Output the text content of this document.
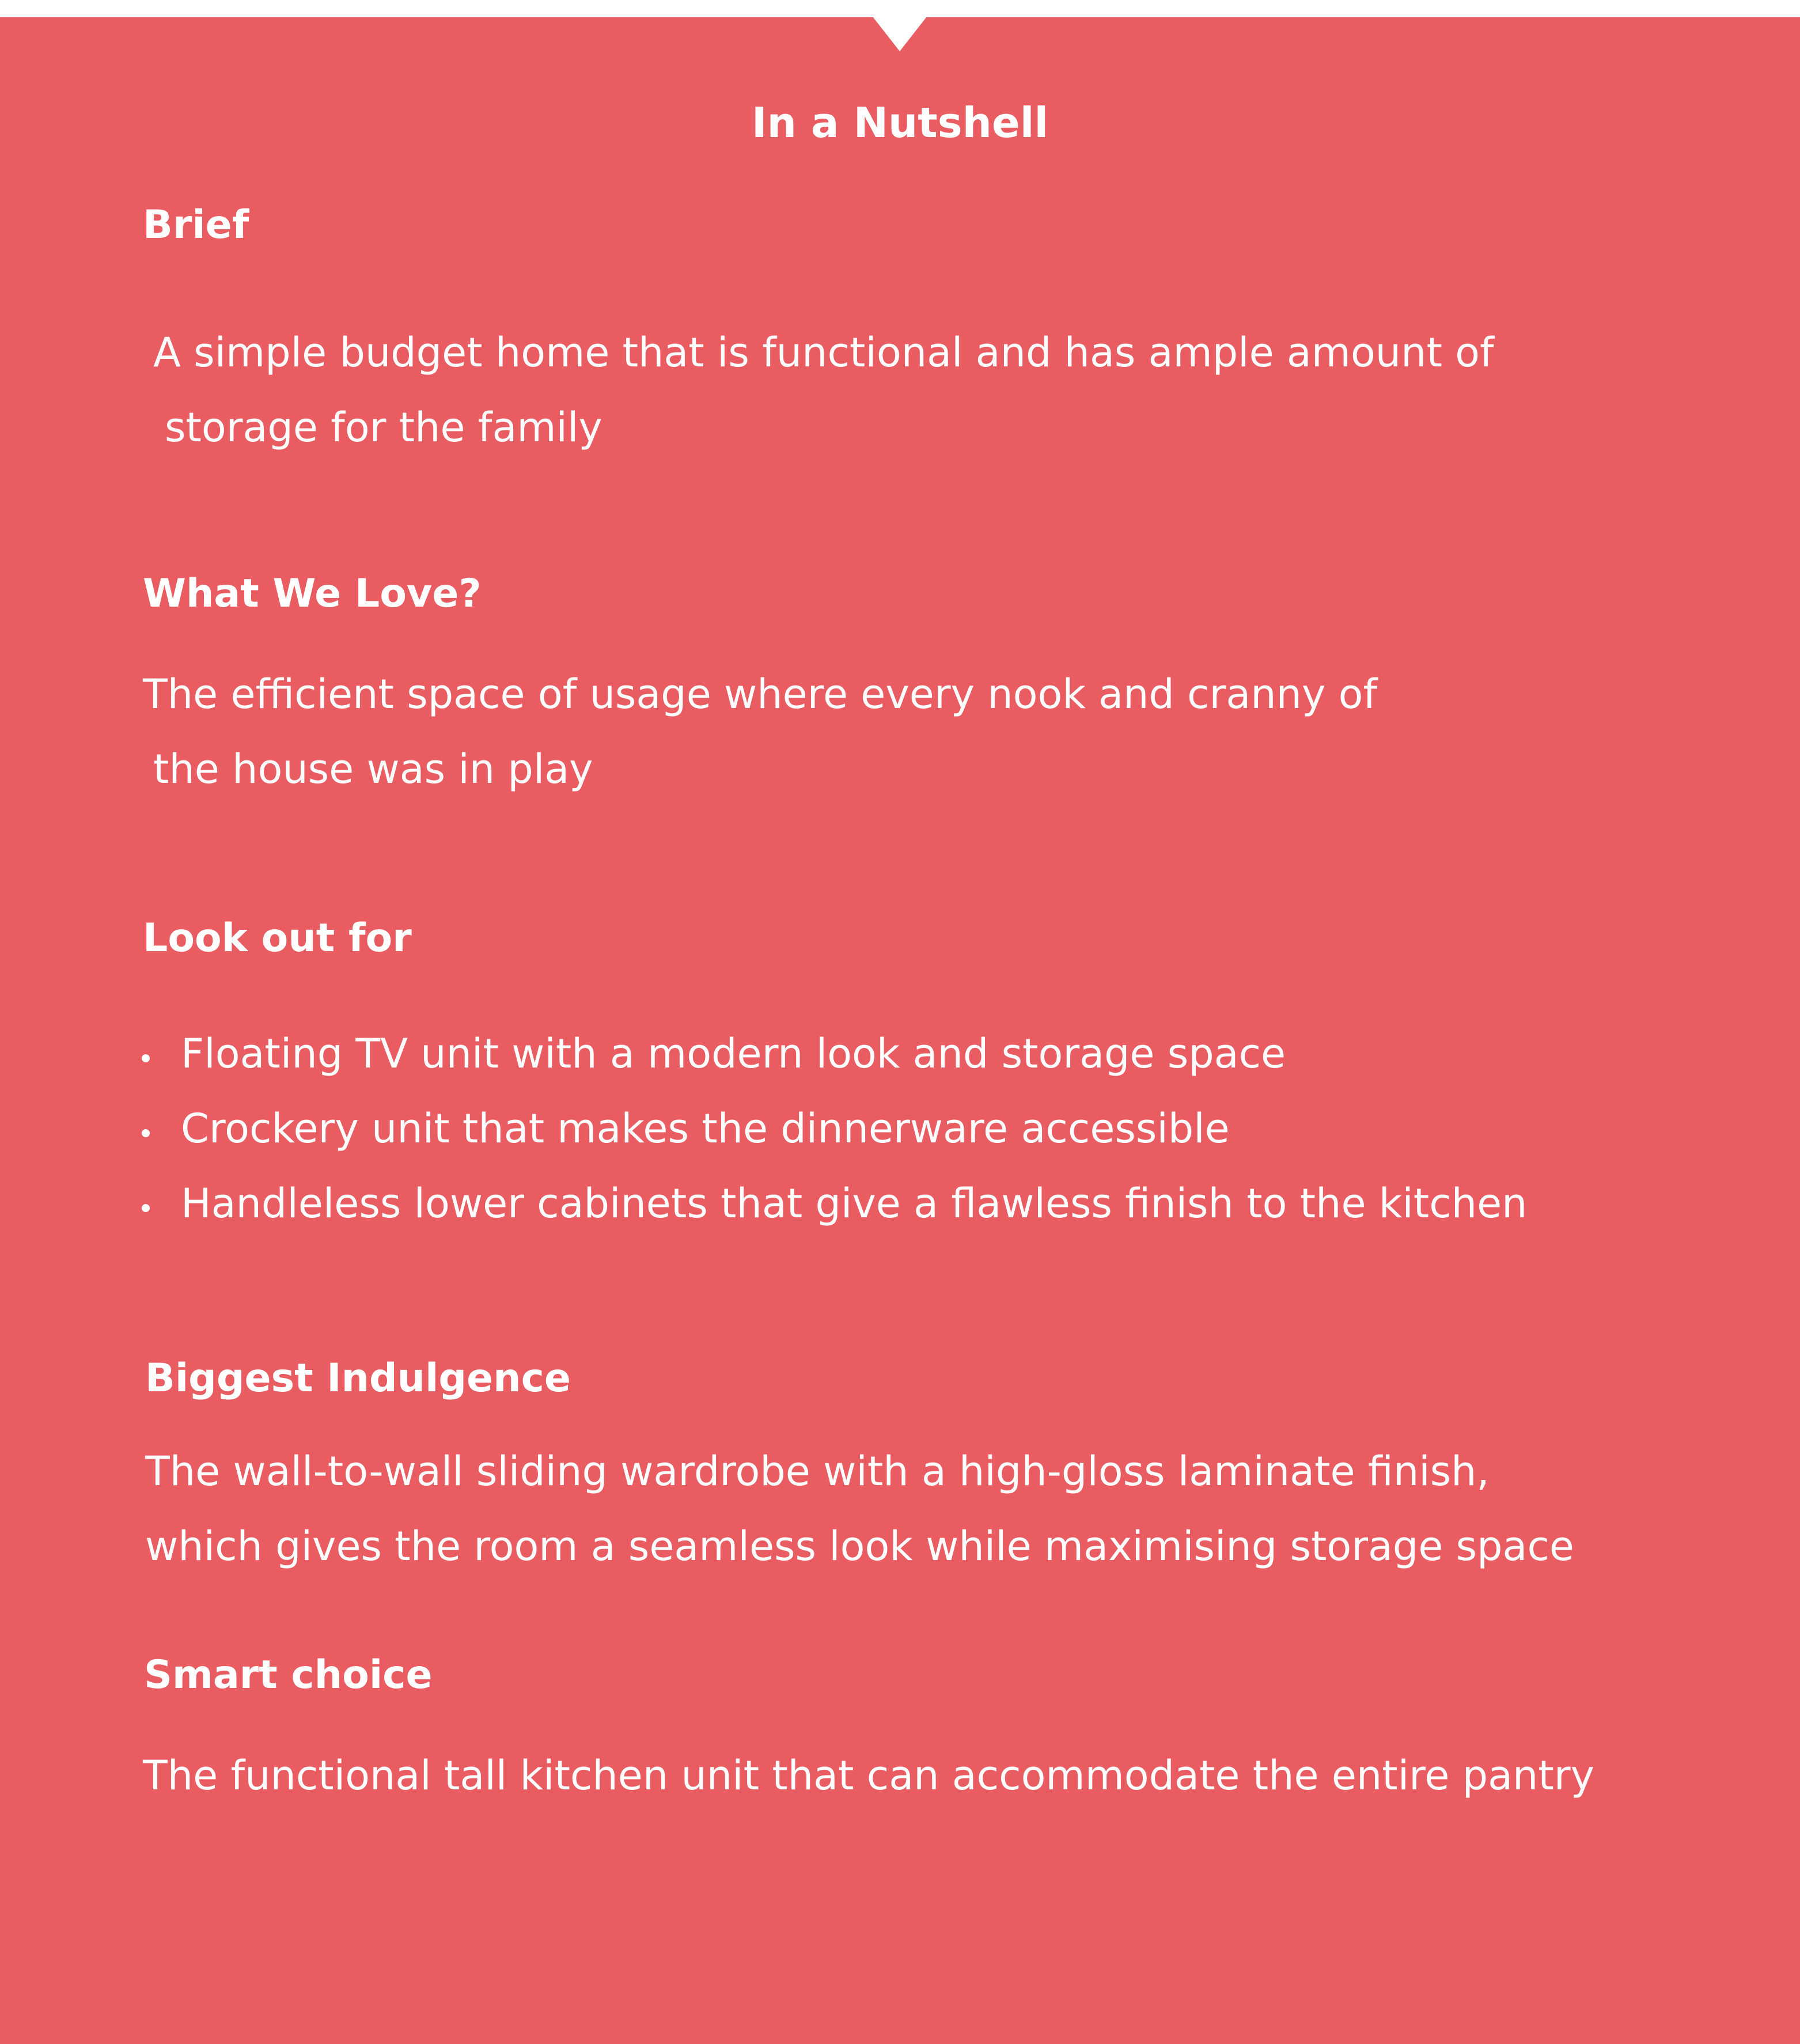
In a Nutshell
Brief
A simple budget home that is functional and has ample amount of
storage for the family
What We Love?
The efficient space of usage where every nook and cranny of
the house was in play
Look out for
Floating TV unit with a modern look and storage space
Crockery unit that makes the dinnerware accessible
Handleless lower cabinets that give a flawless finish to the kitchen
Biggest Indulgence
The wall-to-wall sliding wardrobe with a high-gloss laminate finish,
which gives the room a seamless look while maximising storage space
Smart choice
The functional tall kitchen unit that can accommodate the entire pantry
